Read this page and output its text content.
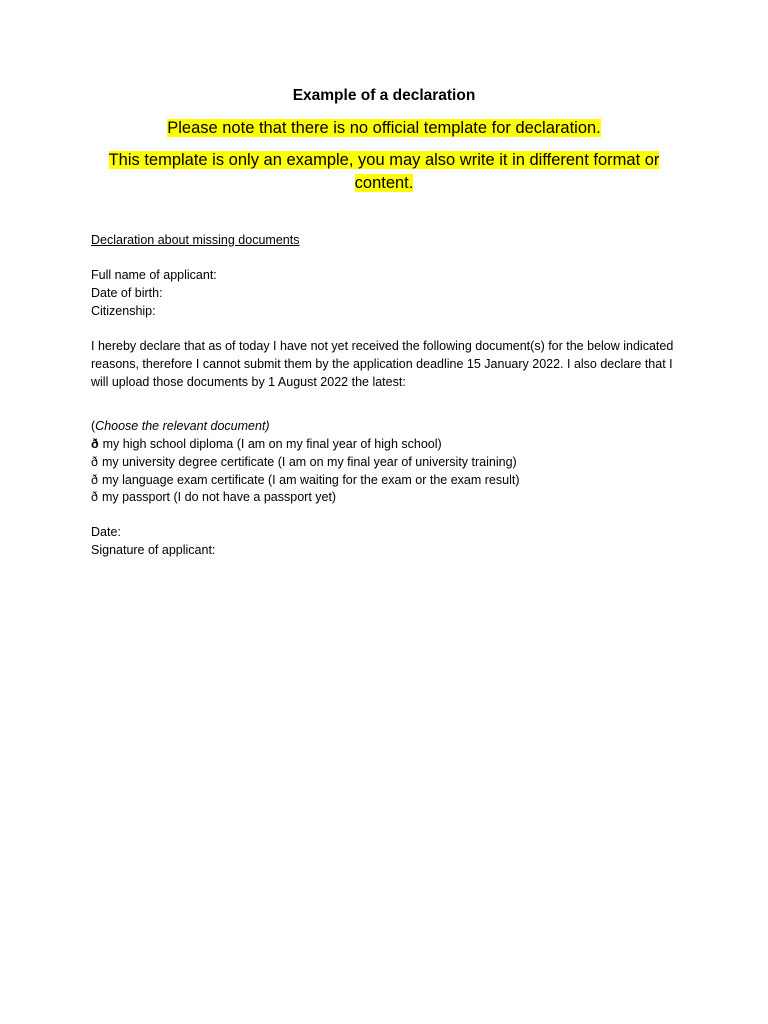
Example of a declaration
Please note that there is no official template for declaration.
This template is only an example, you may also write it in different format or content.
Declaration about missing documents
Full name of applicant:
Date of birth:
Citizenship:
I hereby declare that as of today I have not yet received the following document(s) for the below indicated reasons, therefore I cannot submit them by the application deadline 15 January 2022. I also declare that I will upload those documents by 1 August 2022 the latest:
(Choose the relevant document)
ð my high school diploma (I am on my final year of high school)
ð my university degree certificate (I am on my final year of university training)
ð my language exam certificate (I am waiting for the exam or the exam result)
ð my passport (I do not have a passport yet)
Date:
Signature of applicant:
